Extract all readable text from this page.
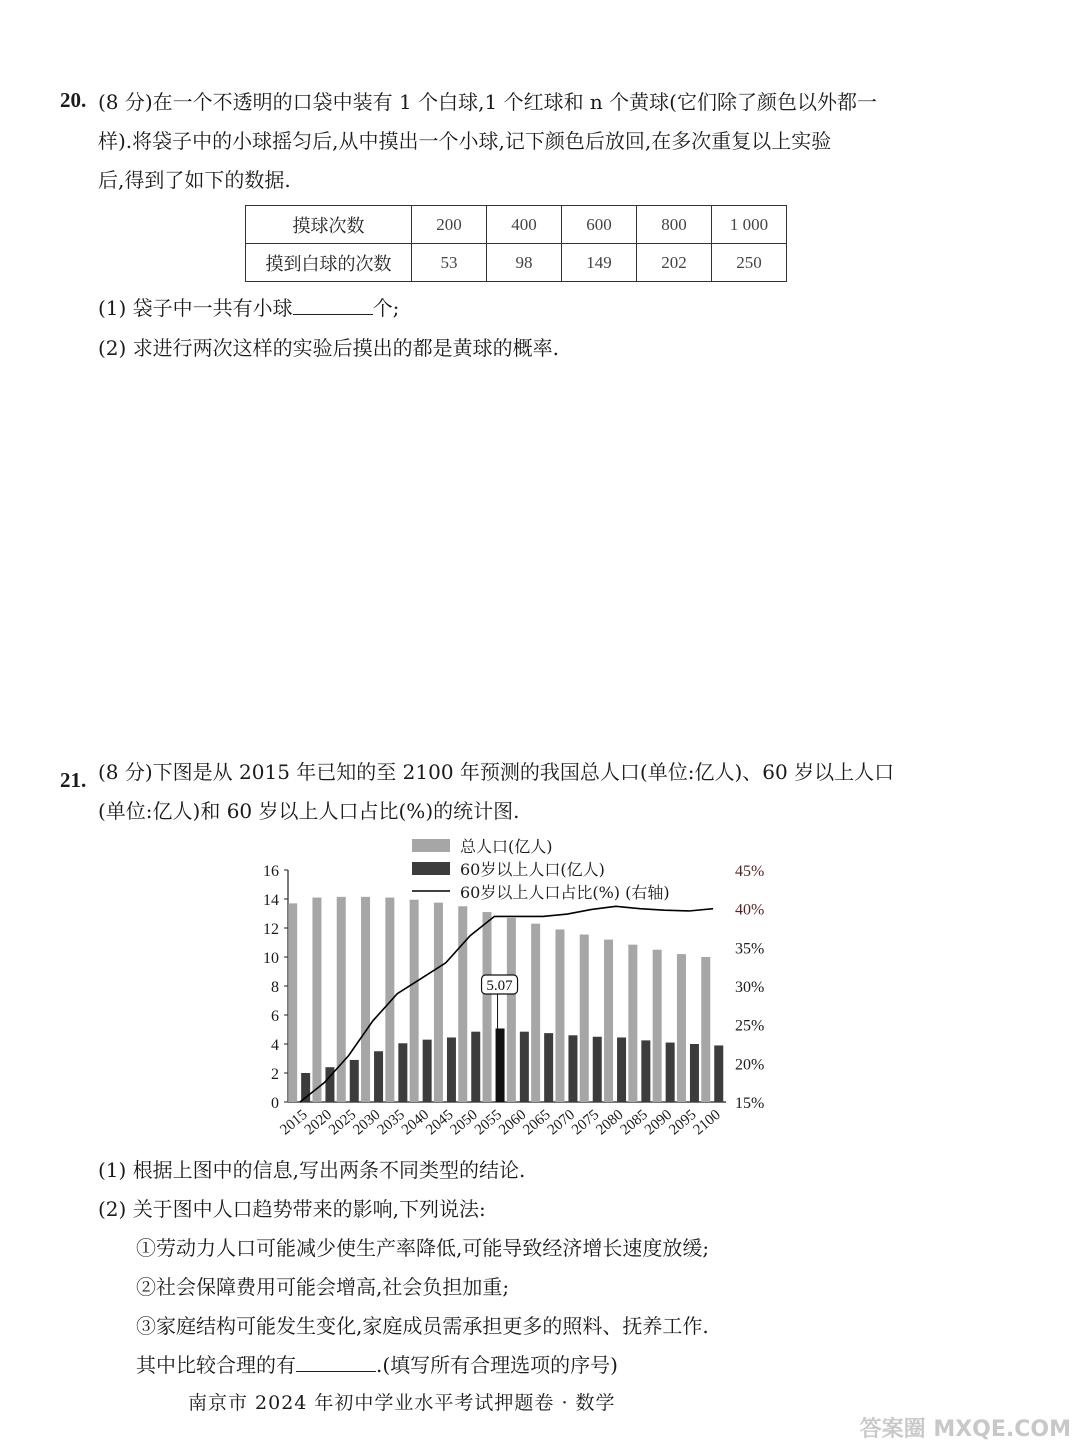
20. (8 分)在一个不透明的口袋中装有 1 个白球,1 个红球和 n 个黄球(它们除了颜色以外都一
样).将袋子中的小球摇匀后,从中摸出一个小球,记下颜色后放回,在多次重复以上实验
后,得到了如下的数据.
摸球次数	200	400	600	800	1 000
摸到白球的次数	53	98	149	202	250
(1) 袋子中一共有小球	个;
(2) 求进行两次这样的实验后摸出的都是黄球的概率.
21. (8 分)下图是从 2015 年已知的至 2100 年预测的我国总人口(单位:亿人)、60 岁以上人口
(单位:亿人)和 60 岁以上人口占比(%)的统计图.
总人口(亿人)
60岁以上人口(亿人)
60岁以上人口占比(%) (右轴)
0
2
4
6
8
10
12
14
16
15%
20%
25%
30%
35%
40%
45%
2015
2020
2025
2030
2035
2040
2045
2050
2055
2060
2065
2070
2075
2080
2085
2090
2095
2100
5.07
(1) 根据上图中的信息,写出两条不同类型的结论.
(2) 关于图中人口趋势带来的影响,下列说法:
①劳动力人口可能减少使生产率降低,可能导致经济增长速度放缓;
②社会保障费用可能会增高,社会负担加重;
③家庭结构可能发生变化,家庭成员需承担更多的照料、抚养工作.
其中比较合理的有	.(填写所有合理选项的序号)
南京市 2024 年初中学业水平考试押题卷 · 数学
答案圈 MXQE.COM
